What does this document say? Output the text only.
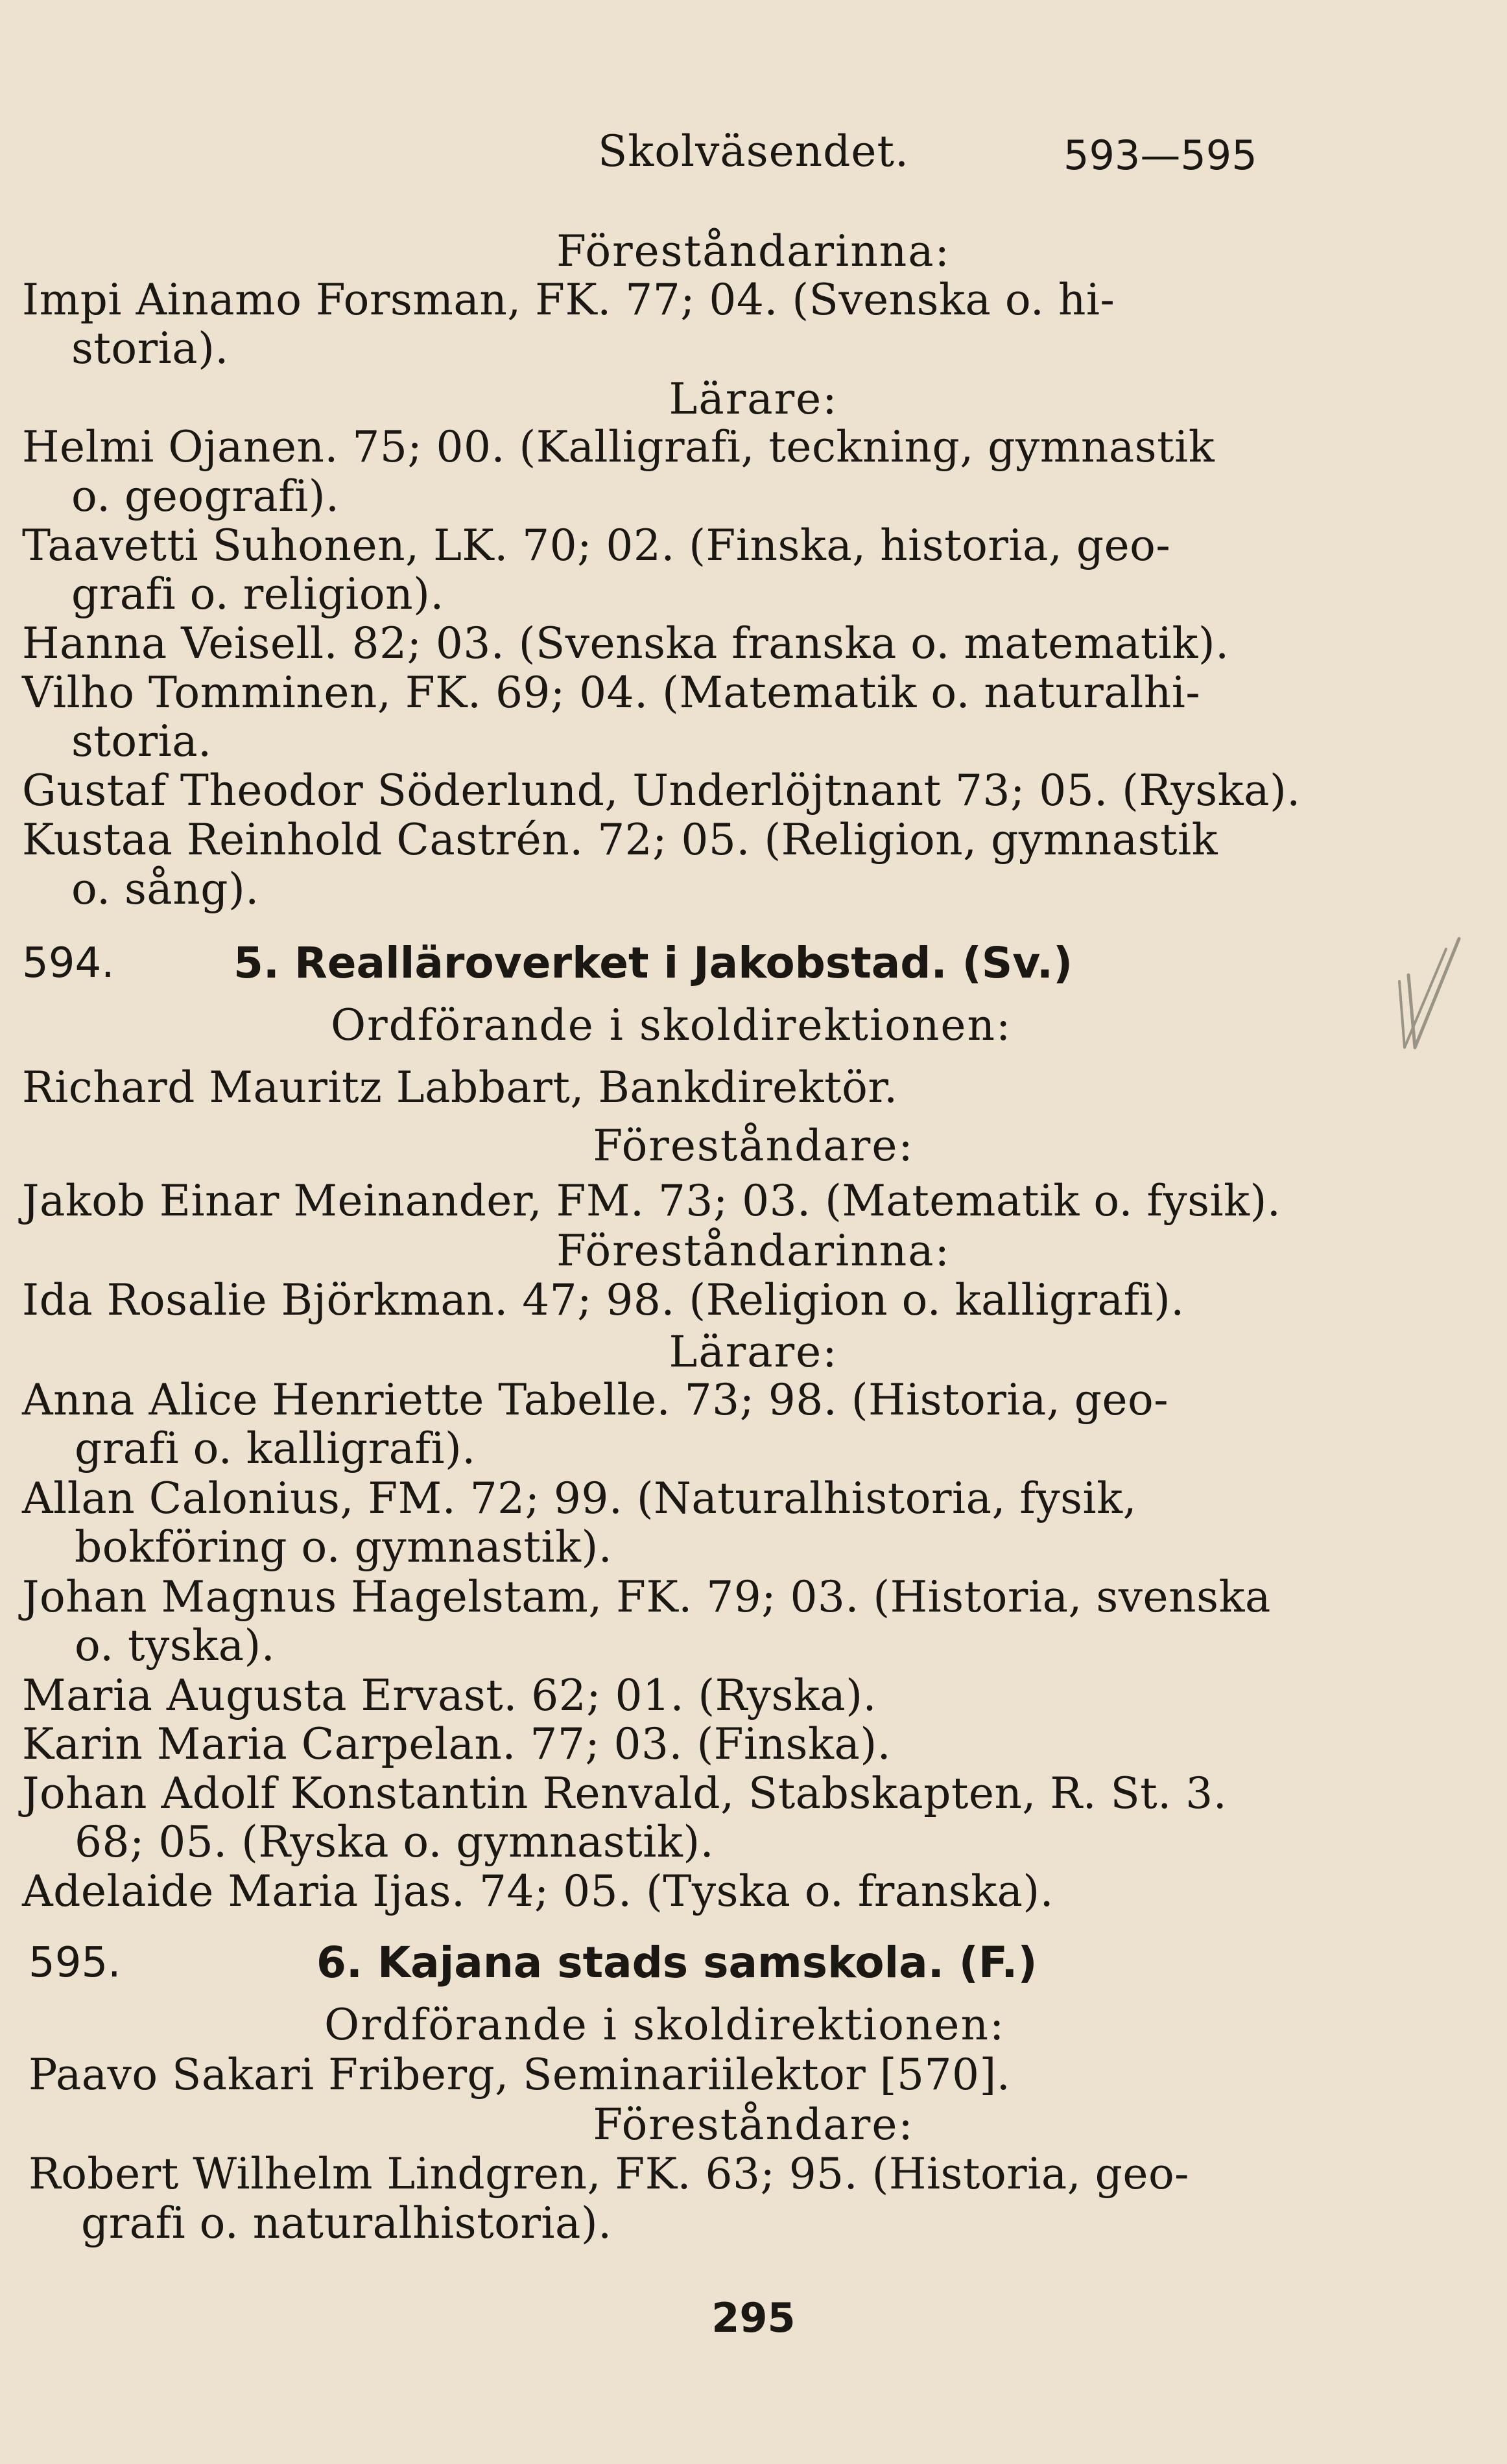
Skolväsendet.	593—595
Föreståndarinna:
Impi Ainamo Forsman, FK. 77; 04. (Svenska o. hi-
storia).
Lärare:
Helmi Ojanen. 75; 00. (Kalligrafi, teckning, gymnastik
o. geografi).
Taavetti Suhonen, LK. 70; 02. (Finska, historia, geo-
grafi o. religion).
Hanna Veisell. 82; 03. (Svenska franska o. matematik).
Vilho Tomminen, FK. 69; 04. (Matematik o. naturalhi-
storia.
Gustaf Theodor Söderlund, Underlöjtnant 73; 05. (Ryska).
Kustaa Reinhold Castrén. 72; 05. (Religion, gymnastik
o. sång).
594.	5. Realläroverket i Jakobstad. (Sv.)
Ordförande i skoldirektionen:
Richard Mauritz Labbart, Bankdirektör.
Föreståndare:
Jakob Einar Meinander, FM. 73; 03. (Matematik o. fysik).
Föreståndarinna:
Ida Rosalie Björkman. 47; 98. (Religion o. kalligrafi).
Lärare:
Anna Alice Henriette Tabelle. 73; 98. (Historia, geo-
grafi o. kalligrafi).
Allan Calonius, FM. 72; 99. (Naturalhistoria, fysik,
bokföring o. gymnastik).
Johan Magnus Hagelstam, FK. 79; 03. (Historia, svenska
o. tyska).
Maria Augusta Ervast. 62; 01. (Ryska).
Karin Maria Carpelan. 77; 03. (Finska).
Johan Adolf Konstantin Renvald, Stabskapten, R. St. 3.
68; 05. (Ryska o. gymnastik).
Adelaide Maria Ijas. 74; 05. (Tyska o. franska).
595.	6. Kajana stads samskola. (F.)
Ordförande i skoldirektionen:
Paavo Sakari Friberg, Seminariilektor [570].
Föreståndare:
Robert Wilhelm Lindgren, FK. 63; 95. (Historia, geo-
grafi o. naturalhistoria).
295
